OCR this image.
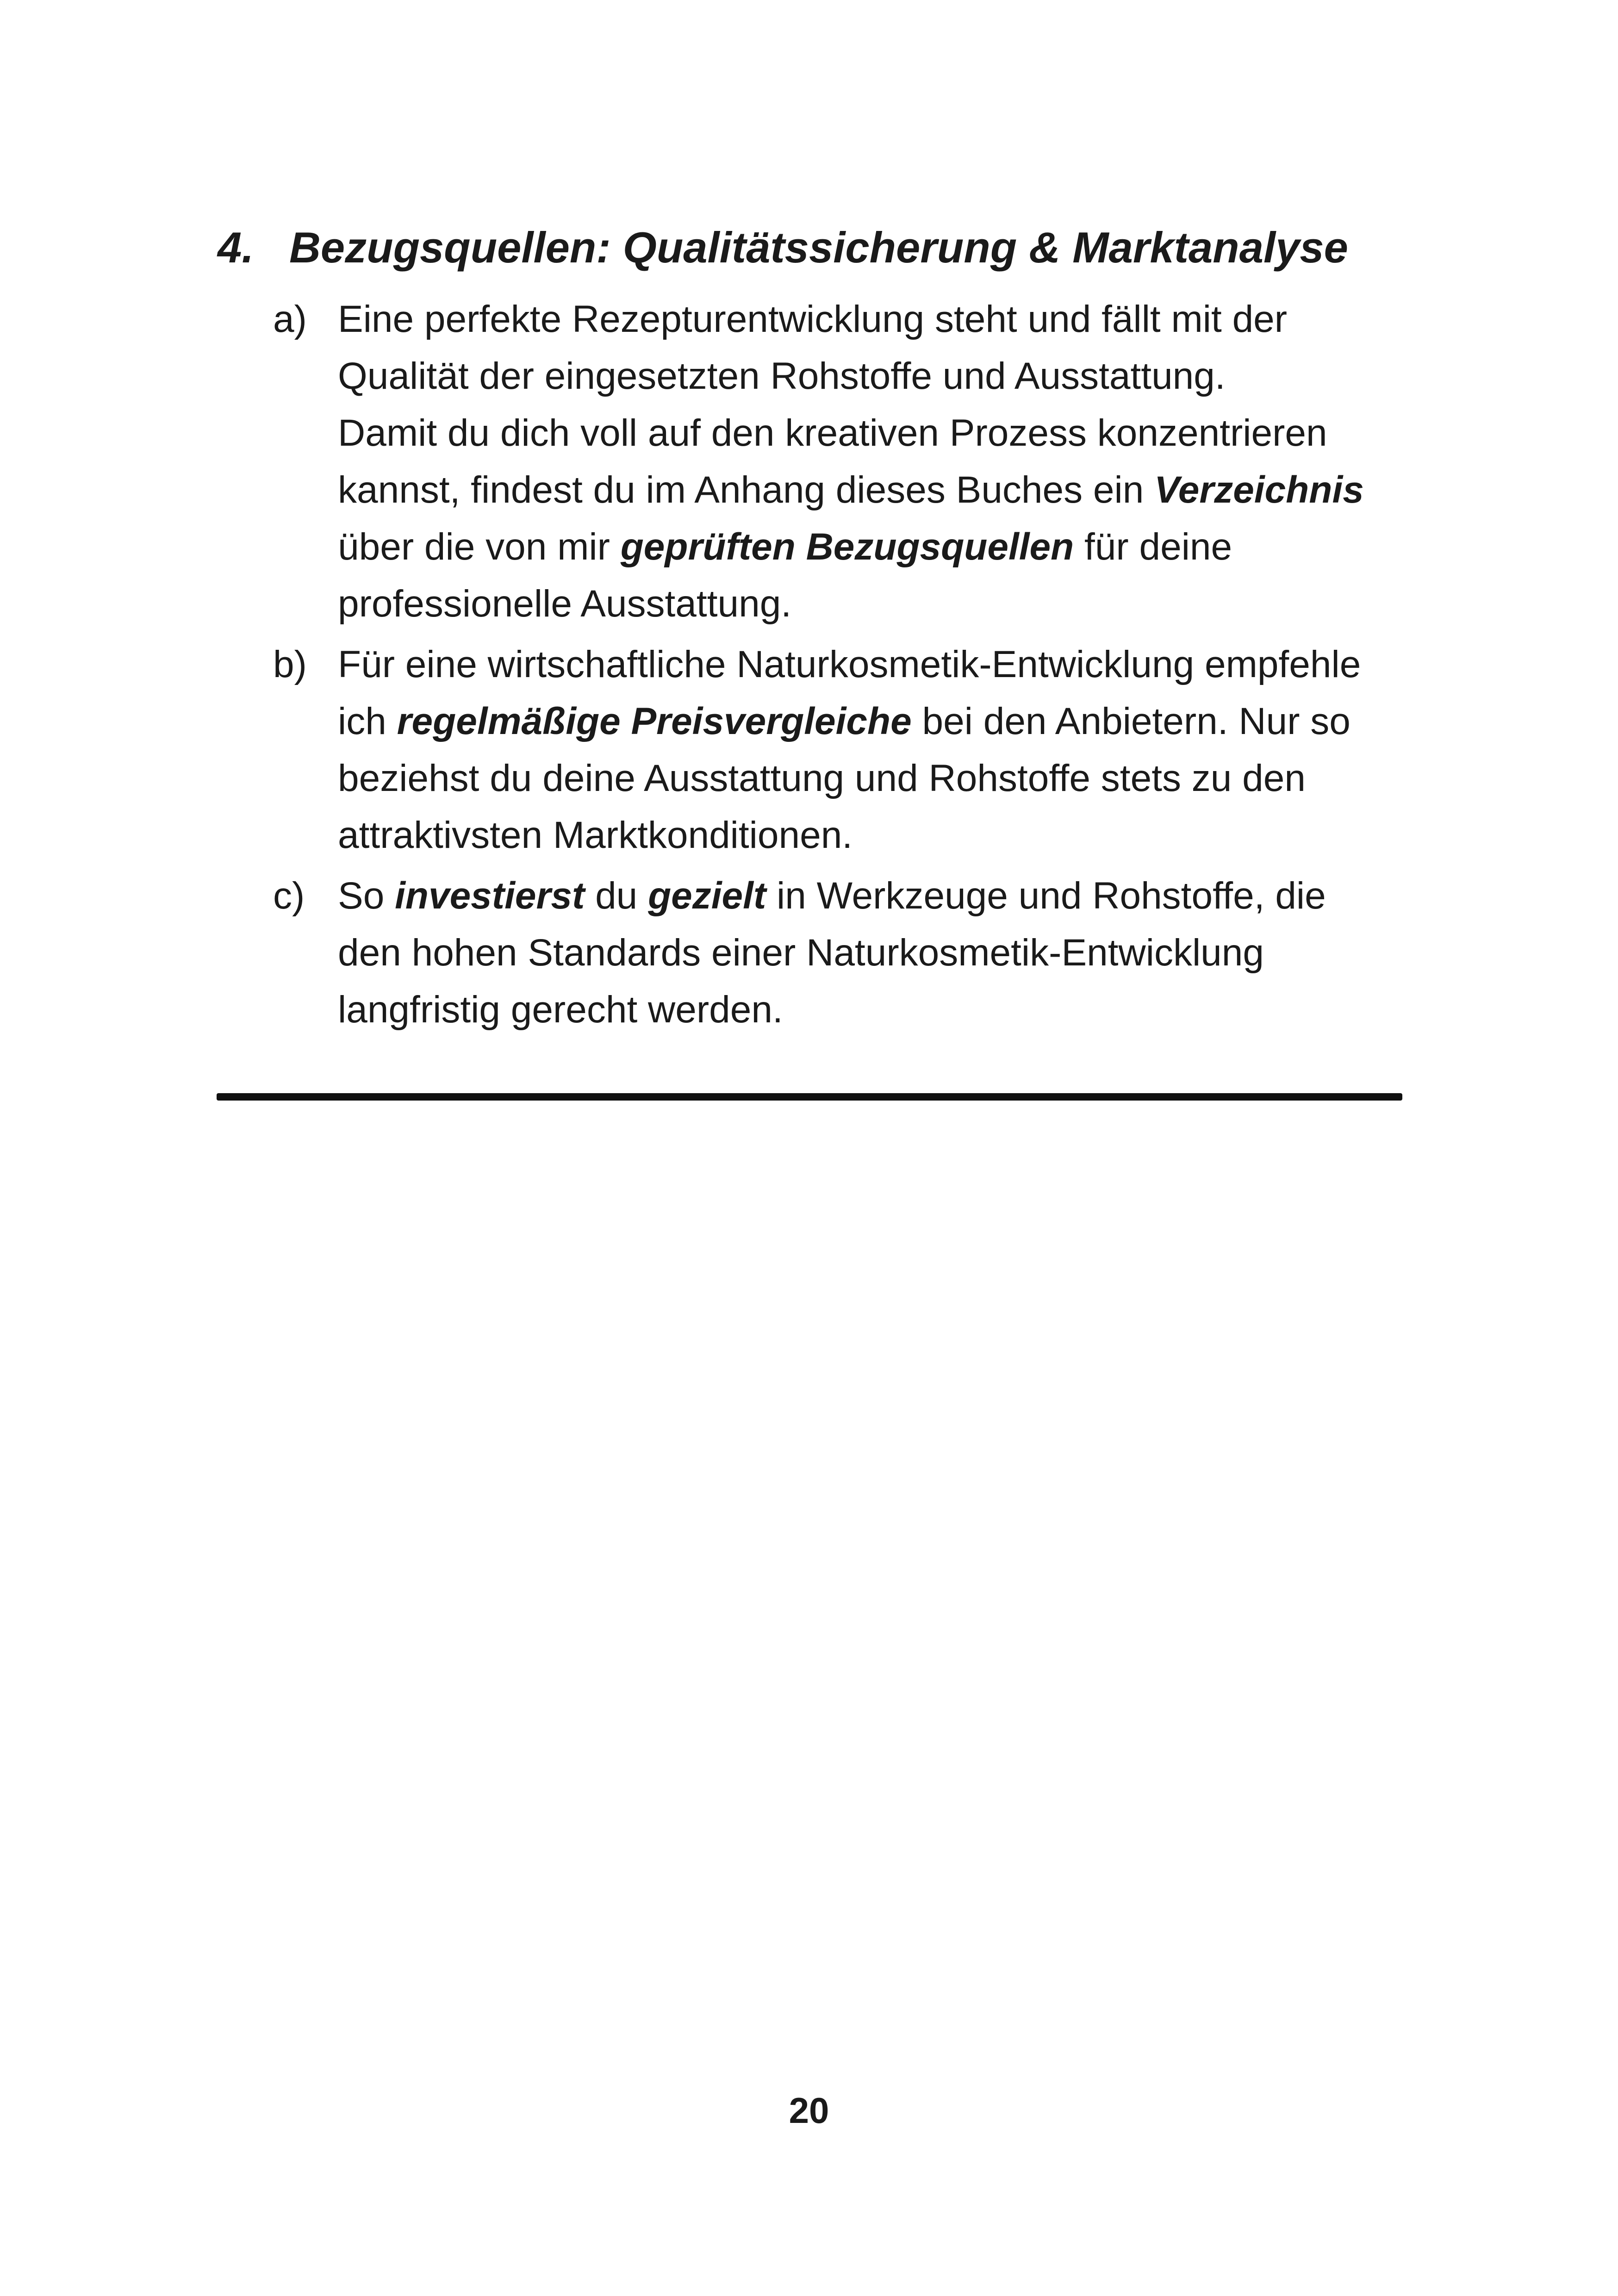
4. Bezugsquellen: Qualitätssicherung & Marktanalyse
a) Eine perfekte Rezepturentwicklung steht und fällt mit der
Qualität der eingesetzten Rohstoffe und Ausstattung.
Damit du dich voll auf den kreativen Prozess konzentrieren
kannst, findest du im Anhang dieses Buches ein Verzeichnis
über die von mir geprüften Bezugsquellen für deine
professionelle Ausstattung.
b) Für eine wirtschaftliche Naturkosmetik-Entwicklung empfehle
ich regelmäßige Preisvergleiche bei den Anbietern. Nur so
beziehst du deine Ausstattung und Rohstoffe stets zu den
attraktivsten Marktkonditionen.
c) So investierst du gezielt in Werkzeuge und Rohstoffe, die
den hohen Standards einer Naturkosmetik-Entwicklung
langfristig gerecht werden.
20
